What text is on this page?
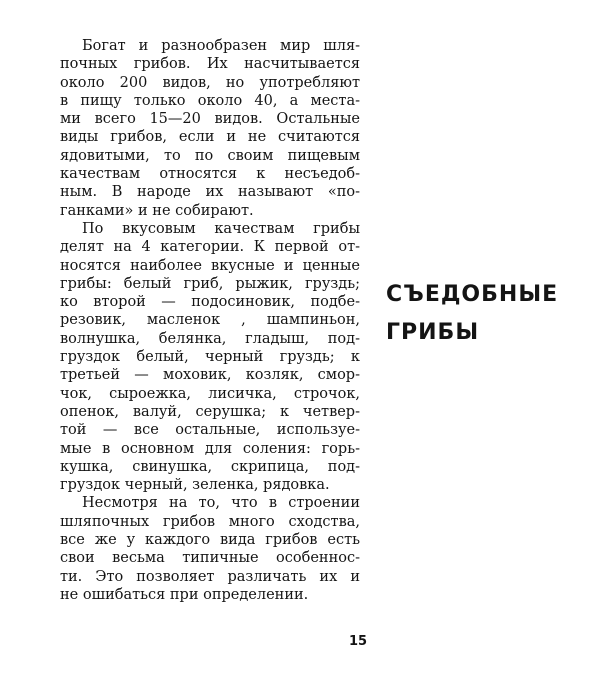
Богат и разнообразен мир шля-
почных грибов. Их насчитывается
около 200 видов, но употребляют
в пищу только около 40, а места-
ми всего 15—20 видов. Остальные
виды грибов, если и не считаются
ядовитыми, то по своим пищевым
качествам относятся к несъедоб-
ным. В народе их называют «по-
ганками» и не собирают.
По вкусовым качествам грибы
делят на 4 категории. К первой от-
носятся наиболее вкусные и ценные
грибы: белый гриб, рыжик, груздь;
ко второй — подосиновик, подбе-
резовик, масленок , шампиньон,
волнушка, белянка, гладыш, под-
груздок белый, черный груздь; к
третьей — моховик, козляк, смор-
чок, сыроежка, лисичка, строчок,
опенок, валуй, серушка; к четвер-
той — все остальные, используе-
мые в основном для соления: горь-
кушка, свинушка, скрипица, под-
груздок черный, зеленка, рядовка.
Несмотря на то, что в строении
шляпочных грибов много сходства,
все же у каждого вида грибов есть
свои весьма типичные особеннос-
ти. Это позволяет различать их и
не ошибаться при определении.
СЪЕДОБНЫЕ
ГРИБЫ
15
